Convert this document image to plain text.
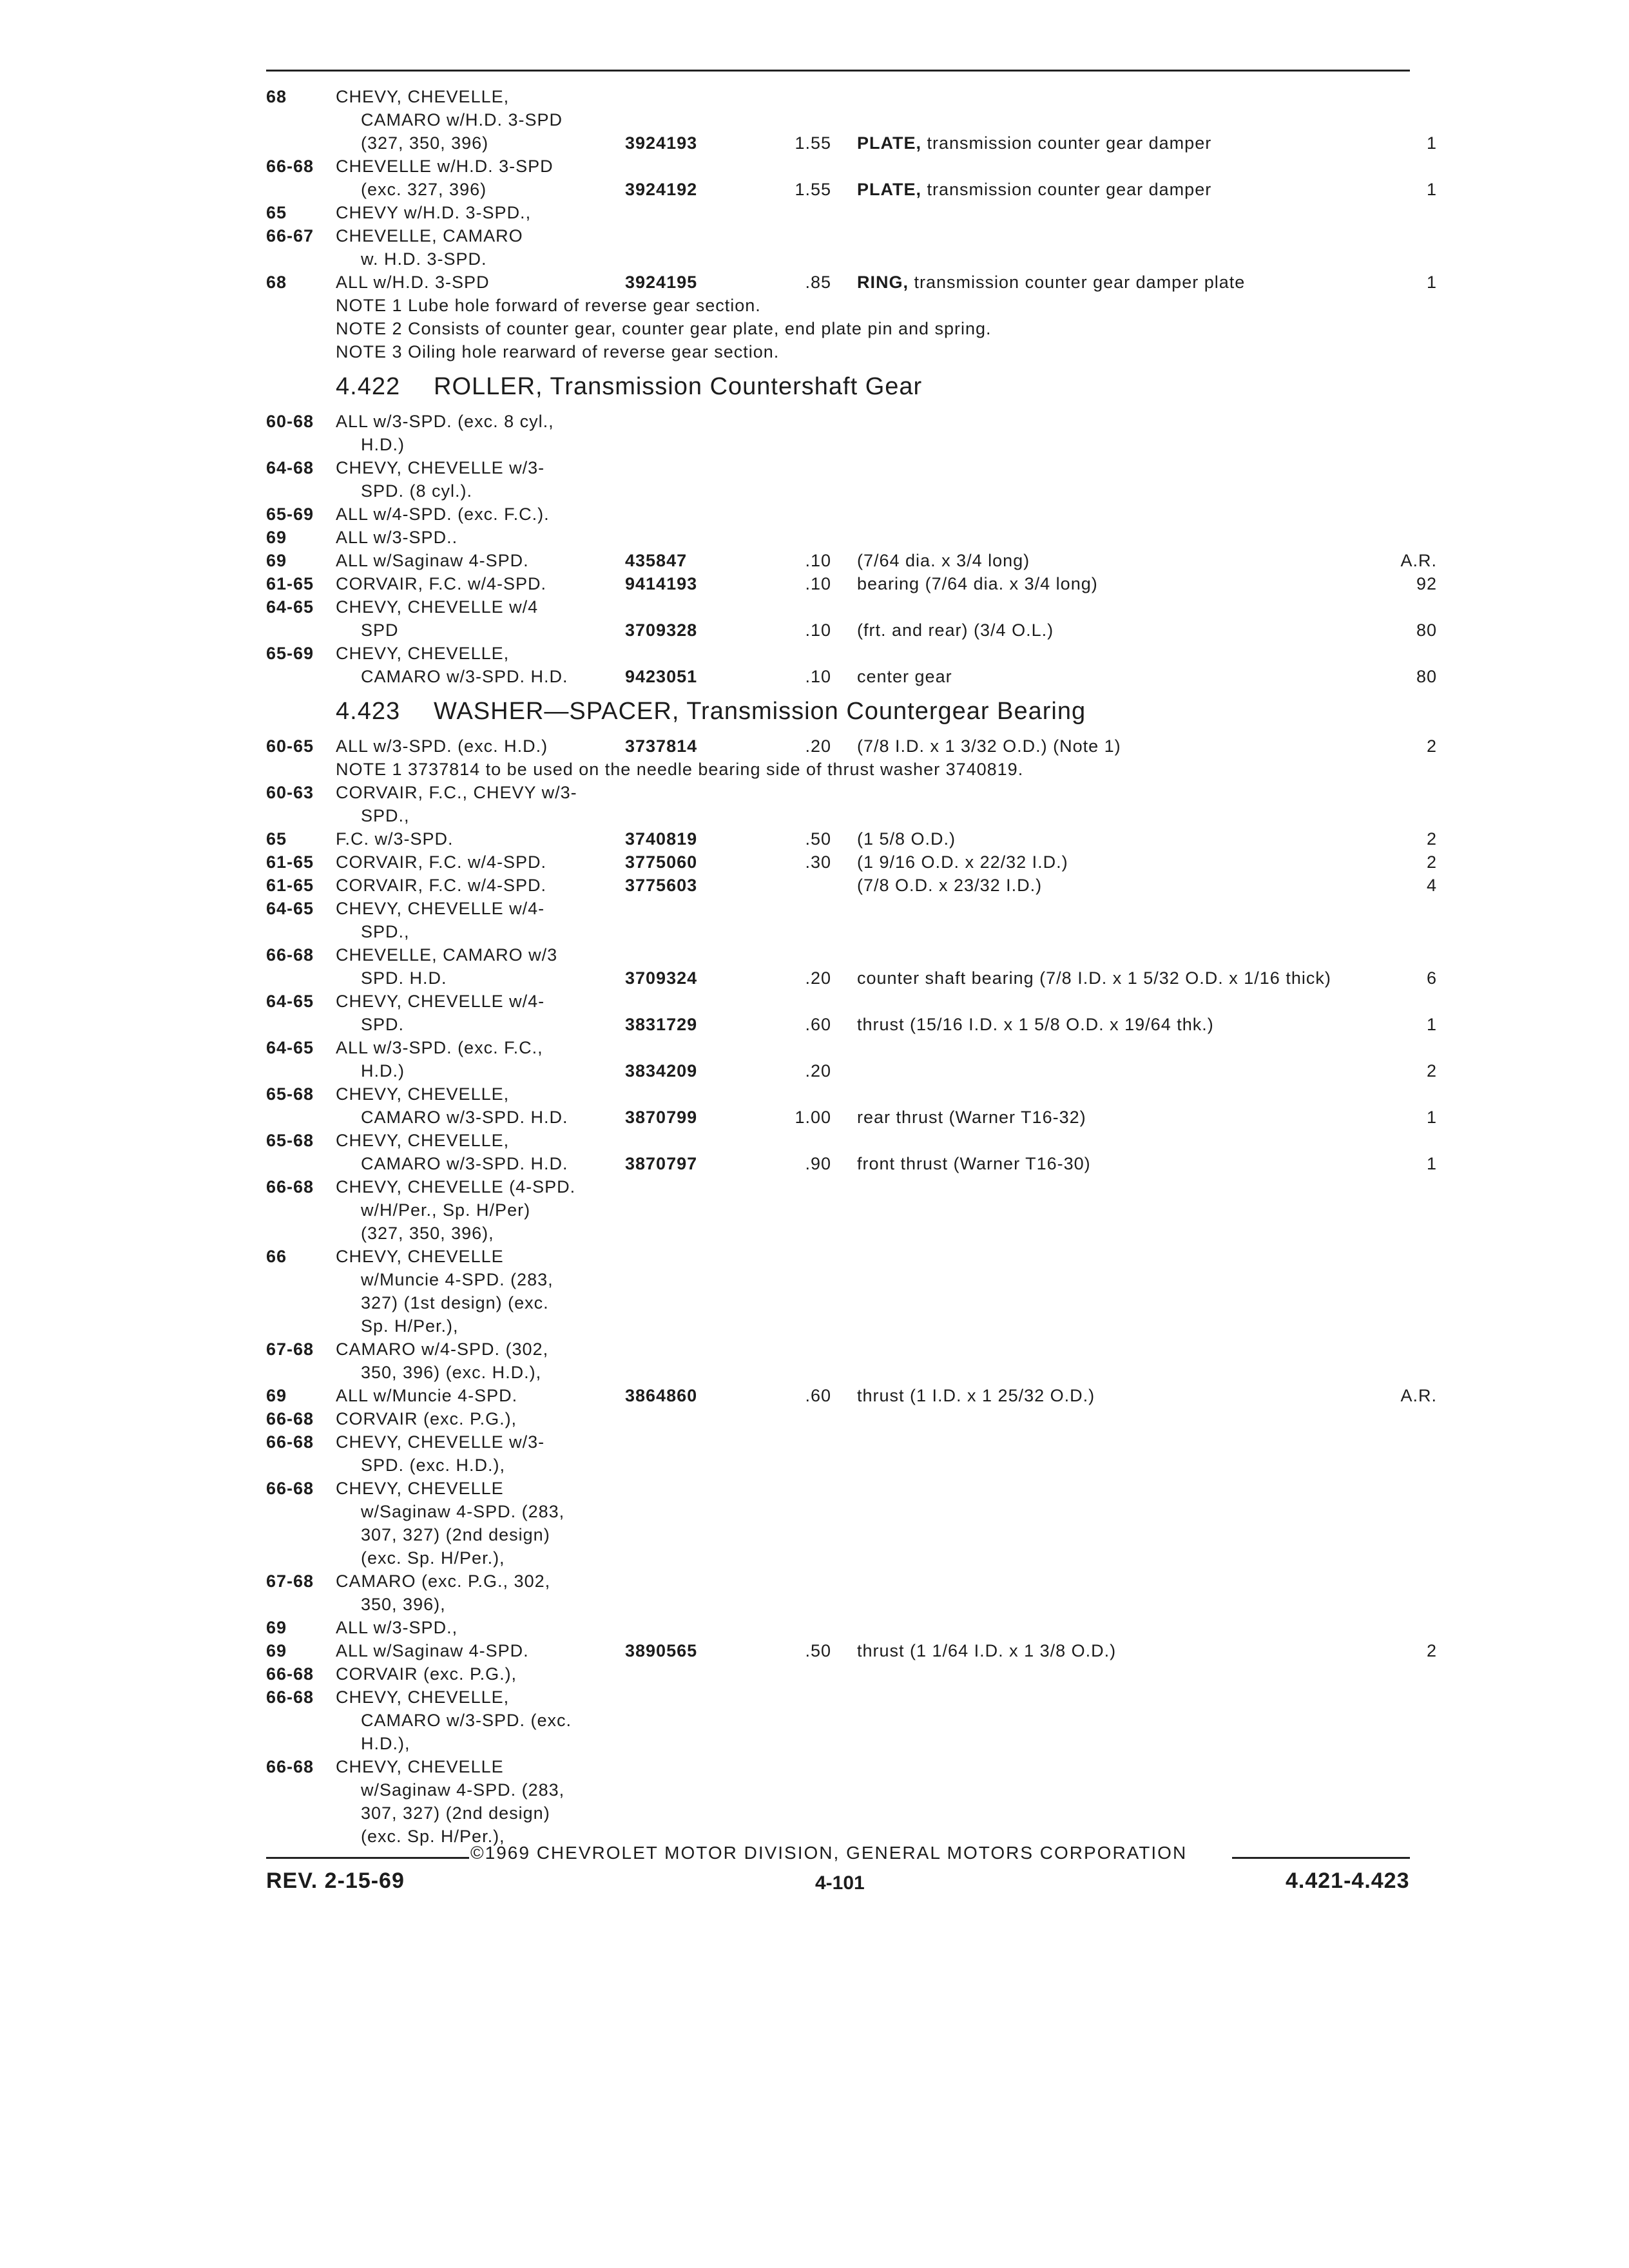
68	CHEVY, CHEVELLE,
CAMARO w/H.D. 3-SPD
(327, 350, 396)	3924193	1.55 PLATE, transmission counter gear damper	1
66-68 CHEVELLE w/H.D. 3-SPD
(exc. 327, 396)	3924192	1.55 PLATE, transmission counter gear damper	1
65	CHEVY w/H.D. 3-SPD.,
66-67 CHEVELLE, CAMARO
w. H.D. 3-SPD.
68	ALL w/H.D. 3-SPD	3924195	.85 RING, transmission counter gear damper plate	1
NOTE 1 Lube hole forward of reverse gear section.
NOTE 2 Consists of counter gear, counter gear plate, end plate pin and spring.
NOTE 3 Oiling hole rearward of reverse gear section.
4.422 ROLLER, Transmission Countershaft Gear
60-68 ALL w/3-SPD. (exc. 8 cyl.,
H.D.)
64-68 CHEVY, CHEVELLE w/3-
SPD. (8 cyl.).
65-69 ALL w/4-SPD. (exc. F.C.).
69	ALL w/3-SPD..
69	ALL w/Saginaw 4-SPD.	435847	.10 (7/64 dia. x 3/4 long)	A.R.
61-65 CORVAIR, F.C. w/4-SPD.	9414193	.10 bearing (7/64 dia. x 3/4 long)	92
64-65 CHEVY, CHEVELLE w/4
SPD	3709328	.10 (frt. and rear) (3/4 O.L.)	80
65-69 CHEVY, CHEVELLE,
CAMARO w/3-SPD. H.D.	9423051	.10 center gear	80
4.423 WASHER—SPACER, Transmission Countergear Bearing
60-65 ALL w/3-SPD. (exc. H.D.)	3737814	.20 (7/8 I.D. x 1 3/32 O.D.) (Note 1)	2
NOTE 1 3737814 to be used on the needle bearing side of thrust washer 3740819.
60-63 CORVAIR, F.C., CHEVY w/3-
SPD.,
65	F.C. w/3-SPD.	3740819	.50 (1 5/8 O.D.)	2
61-65 CORVAIR, F.C. w/4-SPD.	3775060	.30 (1 9/16 O.D. x 22/32 I.D.)	2
61-65 CORVAIR, F.C. w/4-SPD.	3775603	(7/8 O.D. x 23/32 I.D.)	4
64-65 CHEVY, CHEVELLE w/4-
SPD.,
66-68 CHEVELLE, CAMARO w/3
SPD. H.D.	3709324	.20 counter shaft bearing (7/8 I.D. x 1 5/32 O.D. x 1/16 thick)	6
64-65 CHEVY, CHEVELLE w/4-
SPD.	3831729	.60 thrust (15/16 I.D. x 1 5/8 O.D. x 19/64 thk.)	1
64-65 ALL w/3-SPD. (exc. F.C.,
H.D.)	3834209	.20	2
65-68 CHEVY, CHEVELLE,
CAMARO w/3-SPD. H.D.	3870799	1.00 rear thrust (Warner T16-32)	1
65-68 CHEVY, CHEVELLE,
CAMARO w/3-SPD. H.D.	3870797	.90 front thrust (Warner T16-30)	1
66-68 CHEVY, CHEVELLE (4-SPD.
w/H/Per., Sp. H/Per)
(327, 350, 396),
66	CHEVY, CHEVELLE
w/Muncie 4-SPD. (283,
327) (1st design) (exc.
Sp. H/Per.),
67-68 CAMARO w/4-SPD. (302,
350, 396) (exc. H.D.),
69	ALL w/Muncie 4-SPD.	3864860	.60 thrust (1 I.D. x 1 25/32 O.D.)	A.R.
66-68 CORVAIR (exc. P.G.),
66-68 CHEVY, CHEVELLE w/3-
SPD. (exc. H.D.),
66-68 CHEVY, CHEVELLE
w/Saginaw 4-SPD. (283,
307, 327) (2nd design)
(exc. Sp. H/Per.),
67-68 CAMARO (exc. P.G., 302,
350, 396),
69	ALL w/3-SPD.,
69	ALL w/Saginaw 4-SPD.	3890565	.50 thrust (1 1/64 I.D. x 1 3/8 O.D.)	2
66-68 CORVAIR (exc. P.G.),
66-68 CHEVY, CHEVELLE,
CAMARO w/3-SPD. (exc.
H.D.),
66-68 CHEVY, CHEVELLE
w/Saginaw 4-SPD. (283,
307, 327) (2nd design)
(exc. Sp. H/Per.),
©1969 CHEVROLET MOTOR DIVISION, GENERAL MOTORS CORPORATION
REV. 2-15-69	4-101	4.421-4.423
